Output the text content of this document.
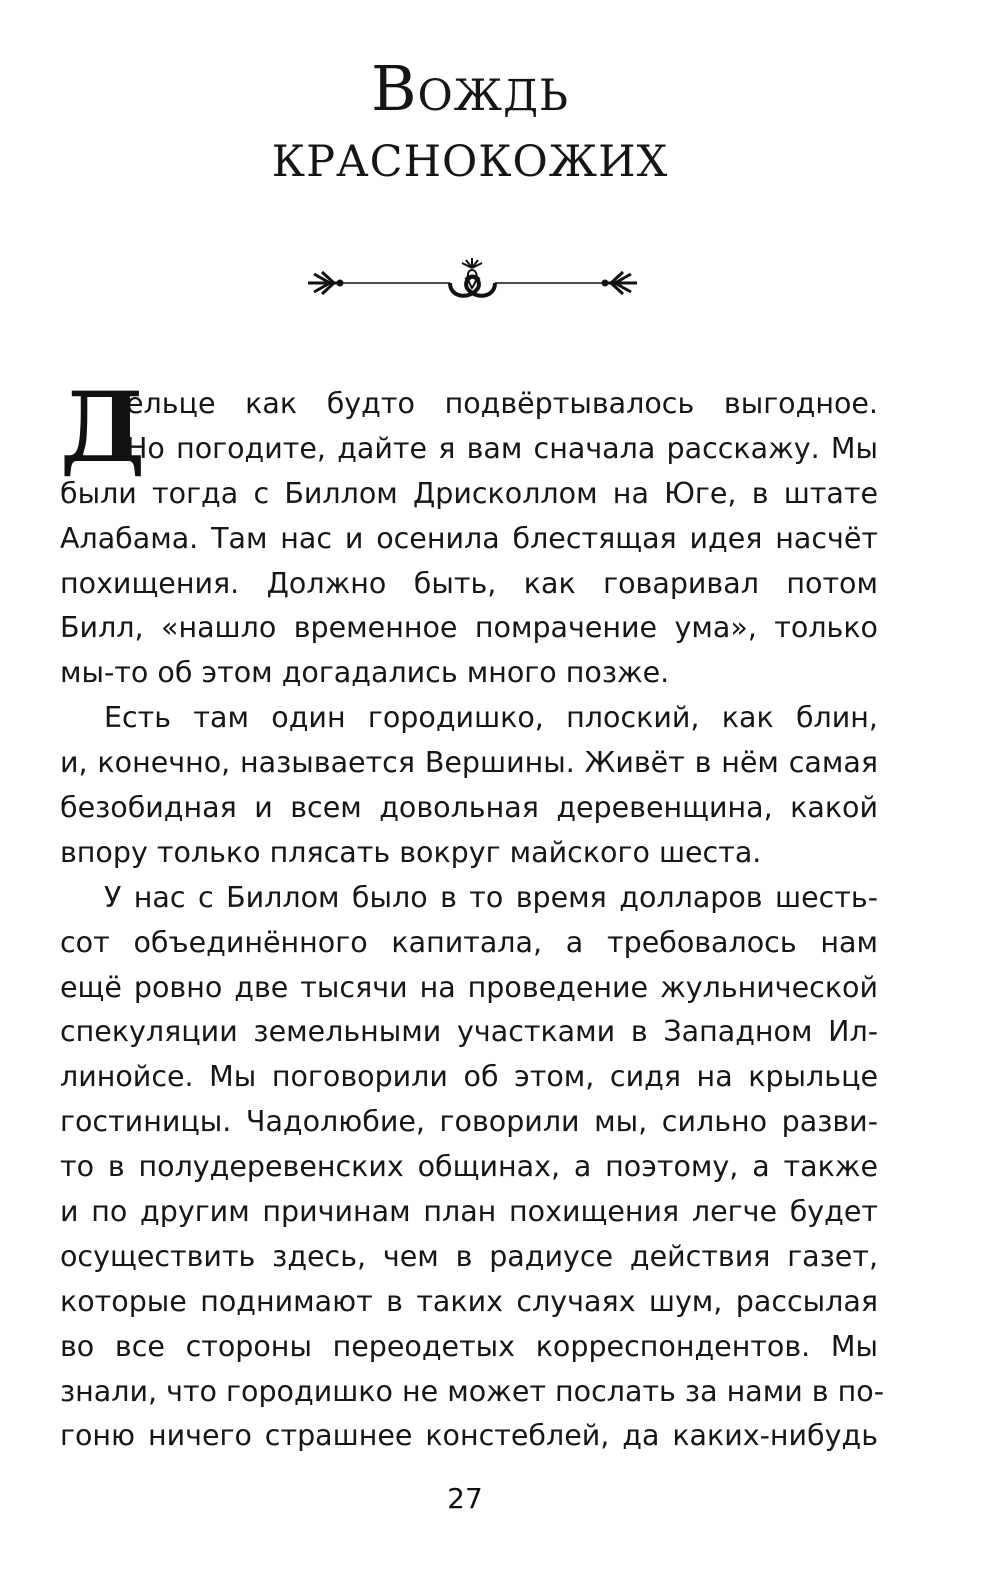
Вождь
краснокожих
Д
ельце как будто подвёртывалось выгодное.
Но погодите, дайте я вам сначала расскажу. Мы
были тогда с Биллом Дрисколлом на Юге, в штате
Алабама. Там нас и осенила блестящая идея насчёт
похищения. Должно быть, как говаривал потом
Билл, «нашло временное помрачение ума», только
мы-то об этом догадались много позже.
Есть там один городишко, плоский, как блин,
и, конечно, называется Вершины. Живёт в нём самая
безобидная и всем довольная деревенщина, какой
впору только плясать вокруг майского шеста.
У нас с Биллом было в то время долларов шесть-
сот объединённого капитала, а требовалось нам
ещё ровно две тысячи на проведение жульнической
спекуляции земельными участками в Западном Ил-
линойсе. Мы поговорили об этом, сидя на крыльце
гостиницы. Чадолюбие, говорили мы, сильно разви-
то в полудеревенских общинах, а поэтому, а также
и по другим причинам план похищения легче будет
осуществить здесь, чем в радиусе действия газет,
которые поднимают в таких случаях шум, рассылая
во все стороны переодетых корреспондентов. Мы
знали, что городишко не может послать за нами в по-
гоню ничего страшнее констеблей, да каких-нибудь
27
